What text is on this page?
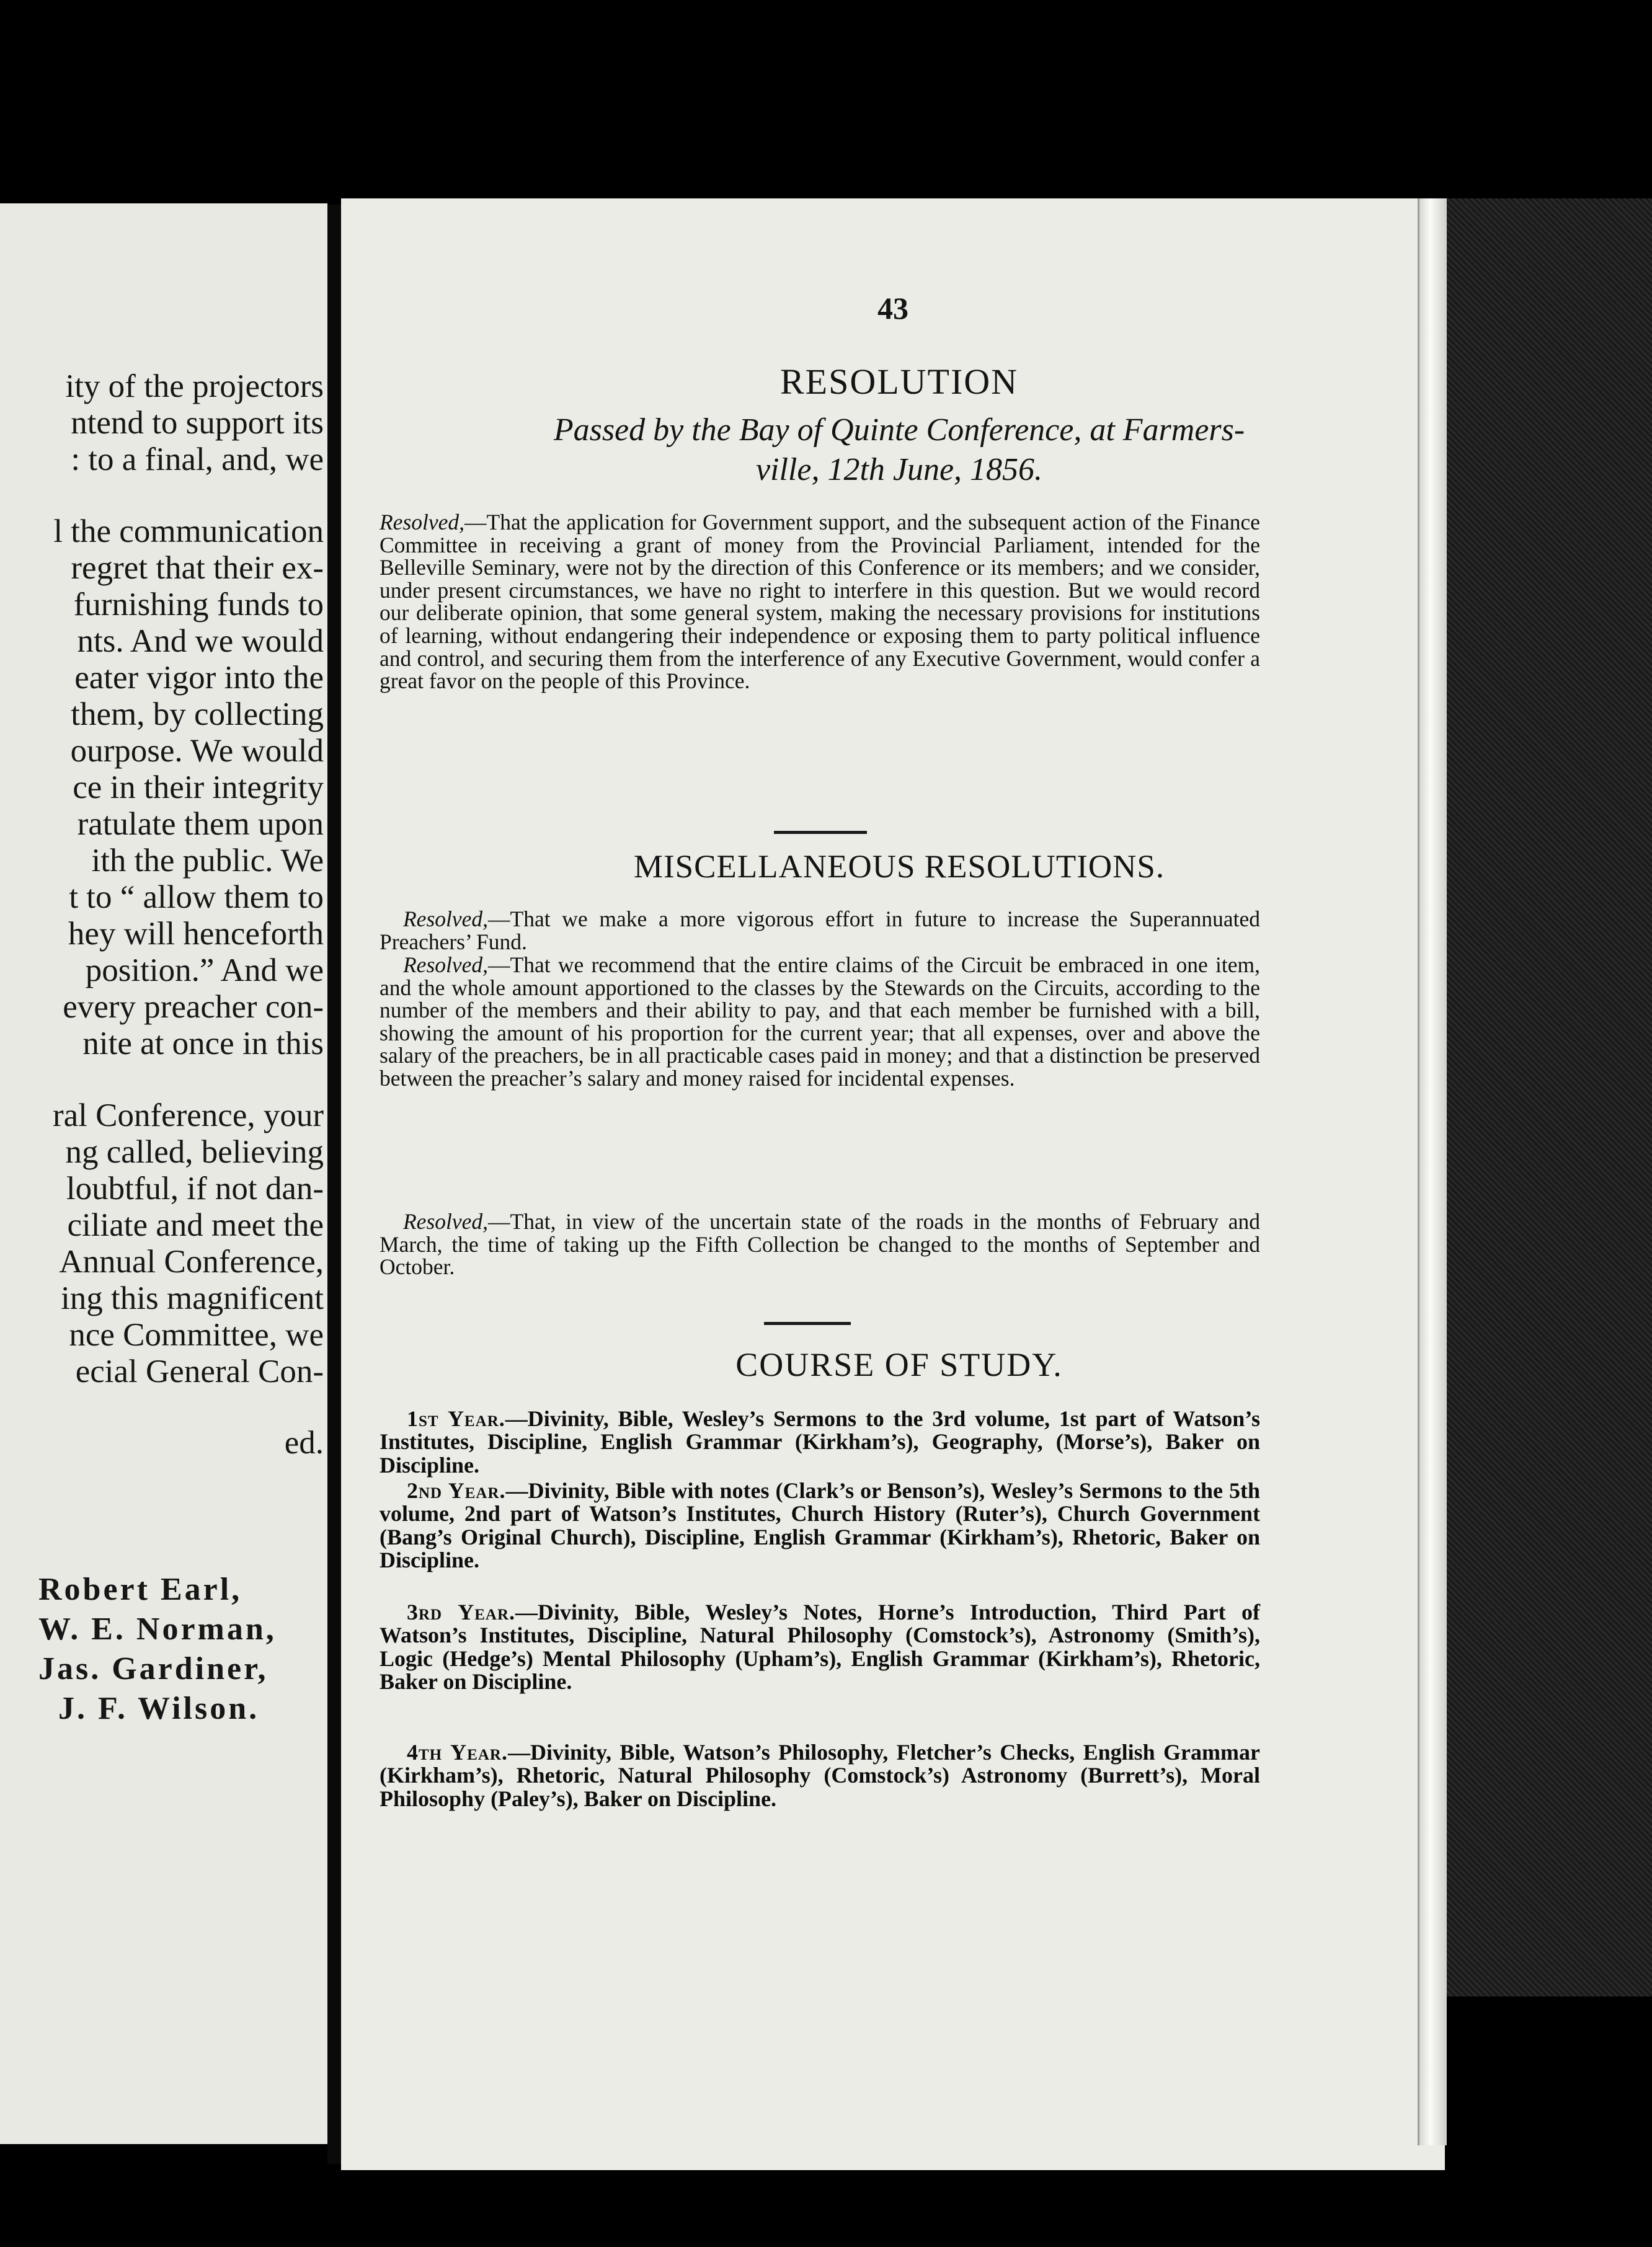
ity of the projectors
ntend to support its
: to a final, and, we
l the communication
regret that their ex-
furnishing funds to
nts. And we would
eater vigor into the
them, by collecting
ourpose. We would
ce in their integrity
ratulate them upon
ith the public. We
t to “ allow them to
hey will henceforth
position.” And we
every preacher con-
nite at once in this
ral Conference, your
ng called, believing
loubtful, if not dan-
ciliate and meet the
Annual Conference,
ing this magnificent
nce Committee, we
ecial General Con-
ed.
Robert Earl,
W. E. Norman,
Jas. Gardiner,
J. F. Wilson.
43
RESOLUTION
Passed by the Bay of Quinte Conference, at Farmers-
ville, 12th June, 1856.
Resolved,—That the application for Government support, and the subsequent action of the Finance Committee in receiving a grant of money from the Provincial Parliament, intended for the Belleville Seminary, were not by the direction of this Conference or its members; and we consider, under present circumstances, we have no right to interfere in this question. But we would record our deliberate opinion, that some general system, making the necessary provisions for institutions of learning, without endangering their independence or exposing them to party political influence and control, and securing them from the interference of any Executive Government, would confer a great favor on the people of this Province.
MISCELLANEOUS RESOLUTIONS.
Resolved,—That we make a more vigorous effort in future to increase the Superannuated Preachers’ Fund.
Resolved,—That we recommend that the entire claims of the Circuit be embraced in one item, and the whole amount apportioned to the classes by the Stewards on the Circuits, according to the number of the members and their ability to pay, and that each member be furnished with a bill, showing the amount of his proportion for the current year; that all expenses, over and above the salary of the preachers, be in all practicable cases paid in money; and that a distinction be preserved between the preacher’s salary and money raised for incidental expenses.
Resolved,—That, in view of the uncertain state of the roads in the months of February and March, the time of taking up the Fifth Collection be changed to the months of September and October.
COURSE OF STUDY.
1st Year.—Divinity, Bible, Wesley’s Sermons to the 3rd volume, 1st part of Watson’s Institutes, Discipline, English Grammar (Kirkham’s), Geography, (Morse’s), Baker on Discipline.
2nd Year.—Divinity, Bible with notes (Clark’s or Benson’s), Wesley’s Sermons to the 5th volume, 2nd part of Watson’s Institutes, Church History (Ruter’s), Church Government (Bang’s Original Church), Discipline, English Grammar (Kirkham’s), Rhetoric, Baker on Discipline.
3rd Year.—Divinity, Bible, Wesley’s Notes, Horne’s Introduction, Third Part of Watson’s Institutes, Discipline, Natural Philosophy (Comstock’s), Astronomy (Smith’s), Logic (Hedge’s) Mental Philosophy (Upham’s), English Grammar (Kirkham’s), Rhetoric, Baker on Discipline.
4th Year.—Divinity, Bible, Watson’s Philosophy, Fletcher’s Checks, English Grammar (Kirkham’s), Rhetoric, Natural Philosophy (Comstock’s) Astronomy (Burrett’s), Moral Philosophy (Paley’s), Baker on Discipline.
